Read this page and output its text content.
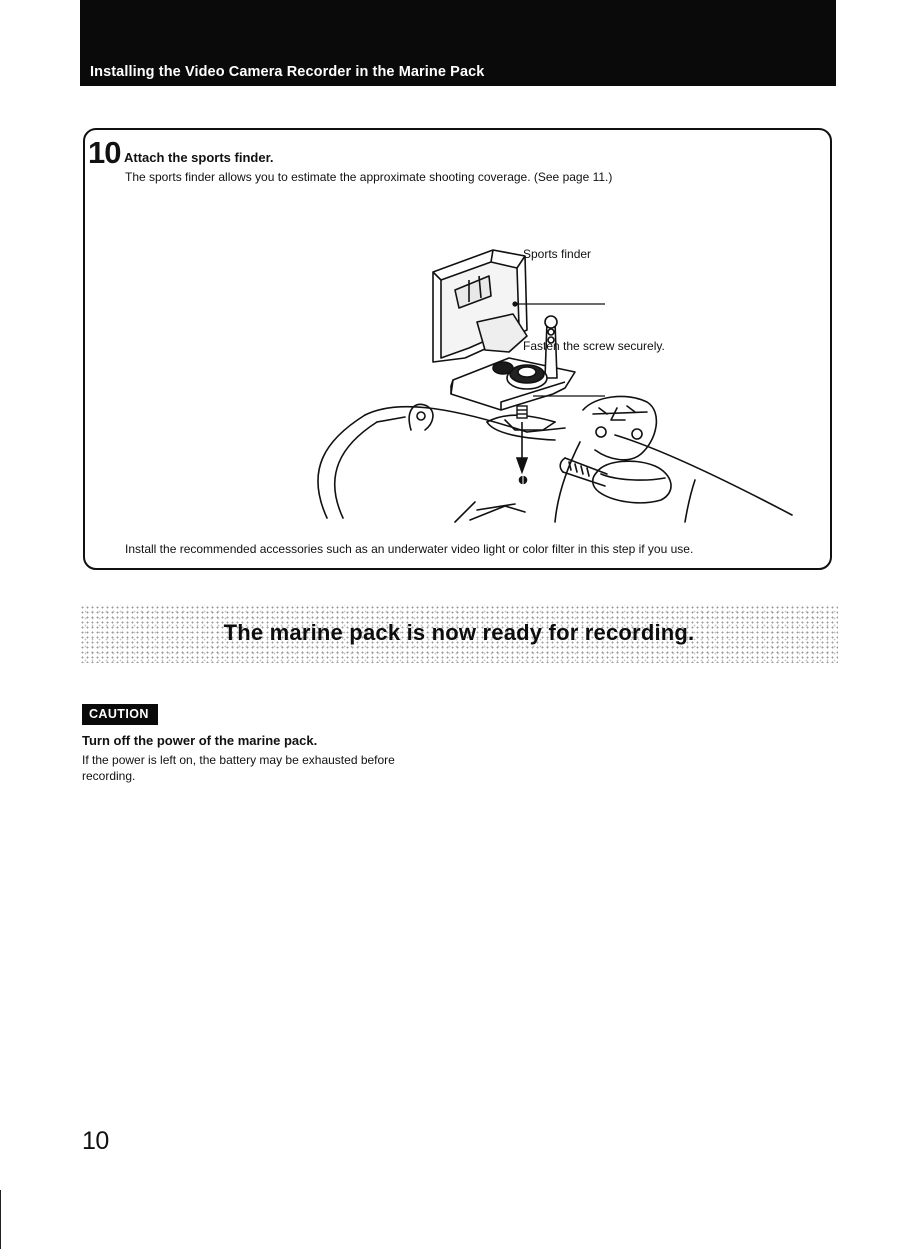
Installing the Video Camera Recorder in the Marine Pack
10 Attach the sports finder.
The sports finder allows you to estimate the approximate shooting coverage. (See page 11.)
Sports finder
Fasten the screw securely.
Install the recommended accessories such as an underwater video light or color filter in this step if you use.
The marine pack is now ready for recording.
CAUTION
Turn off the power of the marine pack.
If the power is left on, the battery may be exhausted before recording.
10
